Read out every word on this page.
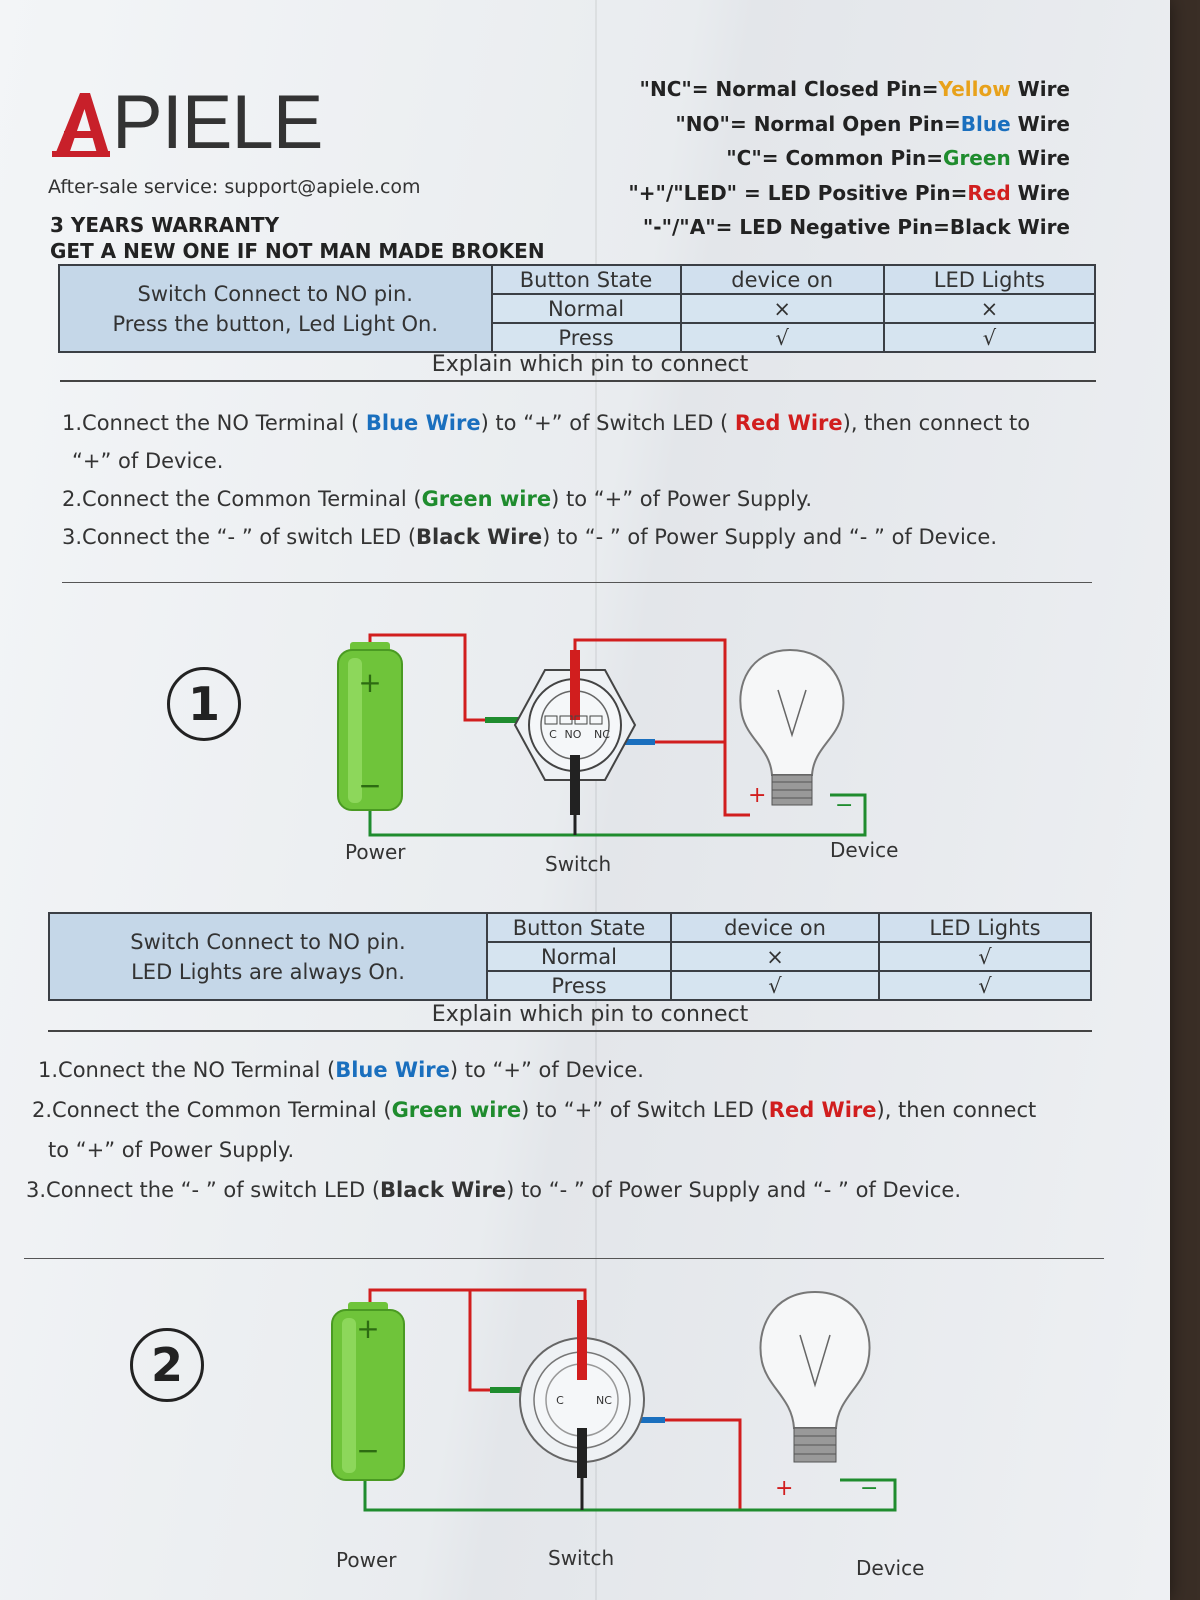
PIELE
After-sale service: support@apiele.com
3 YEARS WARRANTY
GET A NEW ONE IF NOT MAN MADE BROKEN
"NC"= Normal Closed Pin=Yellow Wire
"NO"= Normal Open Pin=Blue Wire
"C"= Common Pin=Green Wire
"+"/"LED" = LED Positive Pin=Red Wire
"-"/"A"= LED Negative Pin=Black Wire
Switch Connect to NO pin.
Press the button, Led Light On.	Button State	device on	LED Lights
	Normal	×	×
	Press	√	√
Explain which pin to connect

1.Connect the NO Terminal ( Blue Wire) to “+” of Switch LED ( Red Wire), then connect to

“+” of Device.

2.Connect the Common Terminal (Green wire) to “+” of Power Supply.

3.Connect the “- ” of switch LED (Black Wire) to “- ” of Power Supply and “- ” of Device.

1	+
−
C NO NC
+	−
Power	Switch
Device
Switch Connect to NO pin.
LED Lights are always On.	Button State	device on	LED Lights
	Normal	×	√
	Press	√	√
Explain which pin to connect

1.Connect the NO Terminal (Blue Wire) to “+” of Device.

2.Connect the Common Terminal (Green wire) to “+” of Switch LED (Red Wire), then connect

to “+” of Power Supply.

3.Connect the “- ” of switch LED (Black Wire) to “- ” of Power Supply and “- ” of Device.

2
+
−
C	NC
+	−
Power	Switch	Device
